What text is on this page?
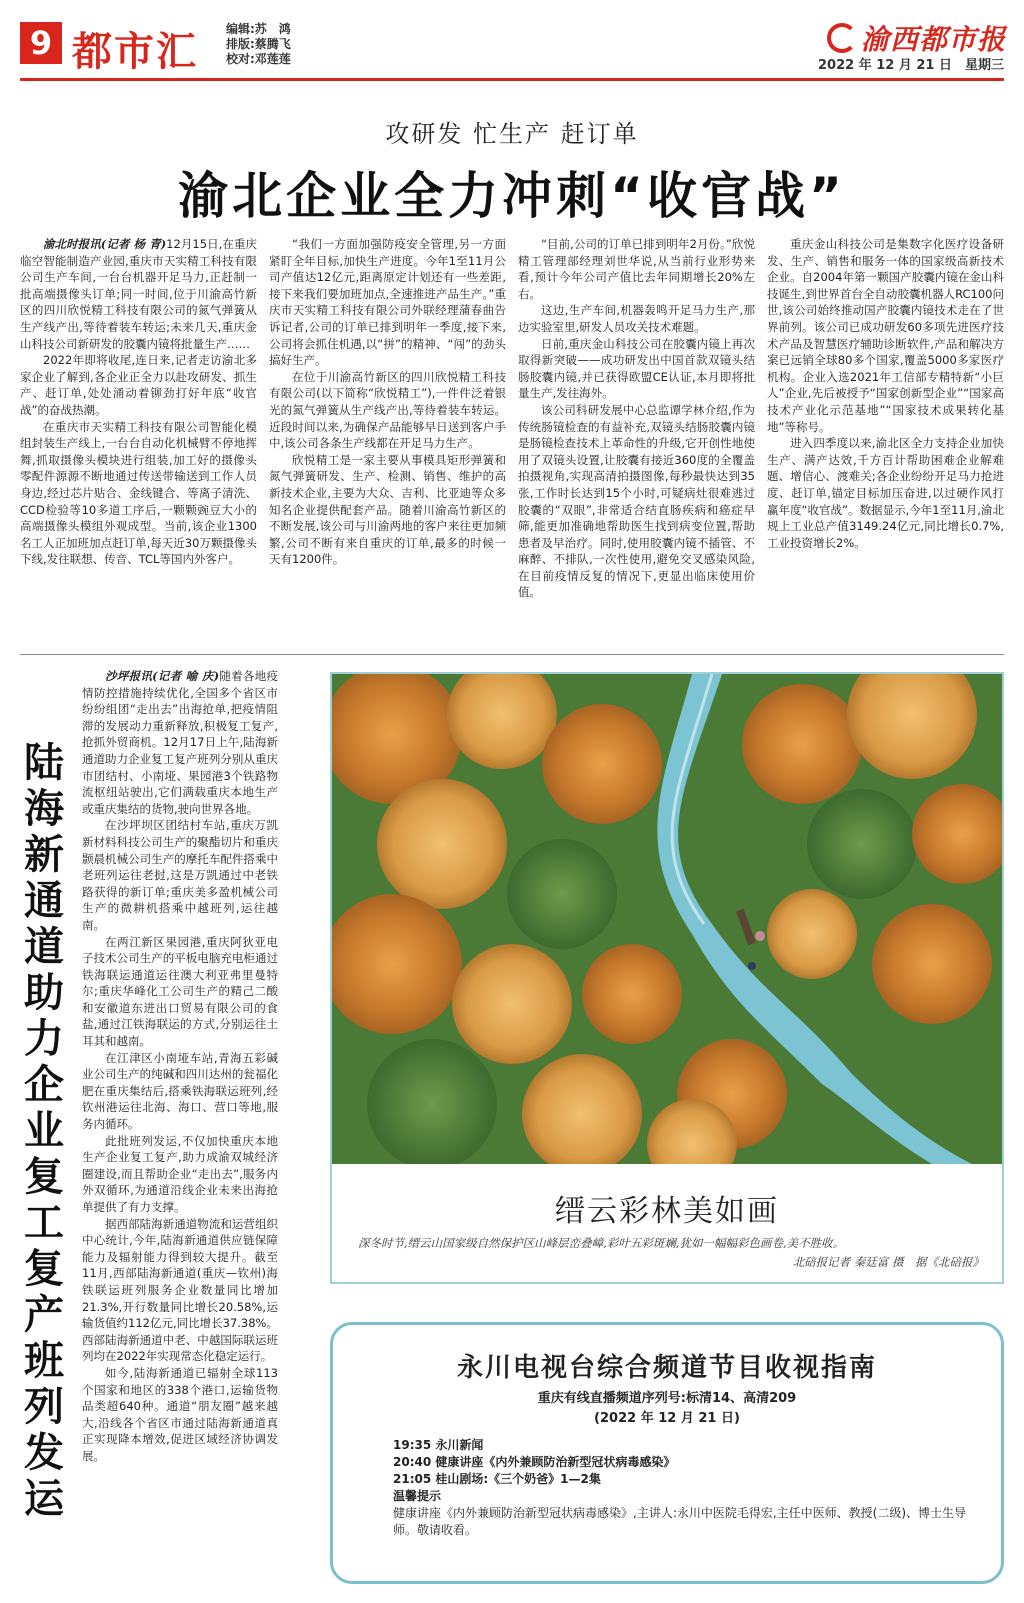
9 都市汇 编辑:苏　鸿
排版:蔡腾飞
校对:邓莲莲
渝西都市报
2022 年 12 月 21 日　星期三
攻研发 忙生产 赶订单
渝北企业全力冲刺“收官战”

渝北时报讯(记者 杨 青)12月15日,在重庆临空智能制造产业园,重庆市天实精工科技有限公司生产车间,一台台机器开足马力,正赶制一批高端摄像头订单;同一时间,位于川渝高竹新区的四川欣悦精工科技有限公司的氮气弹簧从生产线产出,等待着装车转运;未来几天,重庆金山科技公司新研发的胶囊内镜将批量生产……

2022年即将收尾,连日来,记者走访渝北多家企业了解到,各企业正全力以赴攻研发、抓生产、赶订单,处处涌动着铆劲打好年底“收官战”的奋战热潮。

在重庆市天实精工科技有限公司智能化模组封装生产线上,一台台自动化机械臂不停地挥舞,抓取摄像头模块进行组装,加工好的摄像头零配件源源不断地通过传送带输送到工作人员身边,经过芯片贴合、金线键合、等离子清洗、CCD检验等10多道工序后,一颗颗豌豆大小的高端摄像头模组外观成型。当前,该企业1300名工人正加班加点赶订单,每天近30万颗摄像头下线,发往联想、传音、TCL等国内外客户。

“我们一方面加强防疫安全管理,另一方面紧盯全年目标,加快生产进度。今年1至11月公司产值达12亿元,距离原定计划还有一些差距,接下来我们要加班加点,全速推进产品生产。”重庆市天实精工科技有限公司外联经理蒲春曲告诉记者,公司的订单已排到明年一季度,接下来,公司将会抓住机遇,以“拼”的精神、“闯”的劲头搞好生产。

在位于川渝高竹新区的四川欣悦精工科技有限公司(以下简称“欣悦精工”),一件件泛着银光的氮气弹簧从生产线产出,等待着装车转运。近段时间以来,为确保产品能够早日送到客户手中,该公司各条生产线都在开足马力生产。

欣悦精工是一家主要从事模具矩形弹簧和氮气弹簧研发、生产、检测、销售、维护的高新技术企业,主要为大众、吉利、比亚迪等众多知名企业提供配套产品。随着川渝高竹新区的不断发展,该公司与川渝两地的客户来往更加频繁,公司不断有来自重庆的订单,最多的时候一天有1200件。

“目前,公司的订单已排到明年2月份。”欣悦精工管理部经理刘世华说,从当前行业形势来看,预计今年公司产值比去年同期增长20%左右。

这边,生产车间,机器轰鸣开足马力生产,那边实验室里,研发人员攻关技术难题。

日前,重庆金山科技公司在胶囊内镜上再次取得新突破——成功研发出中国首款双镜头结肠胶囊内镜,并已获得欧盟CE认证,本月即将批量生产,发往海外。

该公司科研发展中心总监谭学林介绍,作为传统肠镜检查的有益补充,双镜头结肠胶囊内镜是肠镜检查技术上革命性的升级,它开创性地使用了双镜头设置,让胶囊有接近360度的全覆盖拍摄视角,实现高清拍摄图像,每秒最快达到35张,工作时长达到15个小时,可疑病灶很难逃过胶囊的“双眼”,非常适合结直肠疾病和癌症早筛,能更加准确地帮助医生找到病变位置,帮助患者及早治疗。同时,使用胶囊内镜不插管、不麻醉、不排队,一次性使用,避免交叉感染风险,在目前疫情反复的情况下,更显出临床使用价值。

重庆金山科技公司是集数字化医疗设备研发、生产、销售和服务一体的国家级高新技术企业。自2004年第一颗国产胶囊内镜在金山科技诞生,到世界首台全自动胶囊机器人RC100问世,该公司始终推动国产胶囊内镜技术走在了世界前列。该公司已成功研发60多项先进医疗技术产品及智慧医疗辅助诊断软件,产品和解决方案已远销全球80多个国家,覆盖5000多家医疗机构。企业入选2021年工信部专精特新“小巨人”企业,先后被授予“国家创新型企业”“国家高技术产业化示范基地”“国家技术成果转化基地”等称号。

进入四季度以来,渝北区全力支持企业加快生产、满产达效,千方百计帮助困难企业解难题、增信心、渡难关;各企业纷纷开足马力抢进度、赶订单,锚定目标加压奋进,以过硬作风打赢年度“收官战”。数据显示,今年1至11月,渝北规上工业总产值3149.24亿元,同比增长0.7%,工业投资增长2%。

陆
海
新
通
道
助
力
企
业
复
工
复
产
班
列
发
运

沙坪报讯(记者 喻 庆)随着各地疫情防控措施持续优化,全国多个省区市纷纷组团“走出去”出海抢单,把疫情阻滞的发展动力重新释放,积极复工复产,抢抓外贸商机。12月17日上午,陆海新通道助力企业复工复产班列分别从重庆市团结村、小南垭、果园港3个铁路物流枢纽站驶出,它们满载重庆本地生产或重庆集结的货物,驶向世界各地。

在沙坪坝区团结村车站,重庆万凯新材料科技公司生产的聚酯切片和重庆颢晨机械公司生产的摩托车配件搭乘中老班列运往老挝,这是万凯通过中老铁路获得的新订单;重庆美多盈机械公司生产的微耕机搭乘中越班列,运往越南。

在两江新区果园港,重庆阿狄亚电子技术公司生产的平板电脑充电柜通过铁海联运通道运往澳大利亚弗里曼特尔;重庆华峰化工公司生产的精己二酸和安徽道东进出口贸易有限公司的食盐,通过江铁海联运的方式,分别运往土耳其和越南。

在江津区小南垭车站,青海五彩碱业公司生产的纯碱和四川达州的瓮福化肥在重庆集结后,搭乘铁海联运班列,经钦州港运往北海、海口、营口等地,服务内循环。

此批班列发运,不仅加快重庆本地生产企业复工复产,助力成渝双城经济圈建设,而且帮助企业“走出去”,服务内外双循环,为通道沿线企业未来出海抢单提供了有力支撑。

据西部陆海新通道物流和运营组织中心统计,今年,陆海新通道供应链保障能力及辐射能力得到较大提升。截至11月,西部陆海新通道(重庆—钦州)海铁联运班列服务企业数量同比增加21.3%,开行数量同比增长20.58%,运输货值约112亿元,同比增长37.38%。西部陆海新通道中老、中越国际联运班列均在2022年实现常态化稳定运行。

如今,陆海新通道已辐射全球113个国家和地区的338个港口,运输货物品类超640种。通道“朋友圈”越来越大,沿线各个省区市通过陆海新通道真正实现降本增效,促进区域经济协调发展。

缙云彩林美如画
深冬时节,缙云山国家级自然保护区山峰层峦叠嶂,彩叶五彩斑斓,犹如一幅幅彩色画卷,美不胜收。
北碚报记者 秦廷富 摄　据《北碚报》
永川电视台综合频道节目收视指南
重庆有线直播频道序列号:标清14、高清209
(2022 年 12 月 21 日)
19:35 永川新闻
20:40 健康讲座《内外兼顾防治新型冠状病毒感染》
21:05 桂山剧场:《三个奶爸》1—2集
温馨提示
健康讲座《内外兼顾防治新型冠状病毒感染》,主讲人:永川中医院毛得宏,主任中医师、教授(二级)、博士生导师。敬请收看。
